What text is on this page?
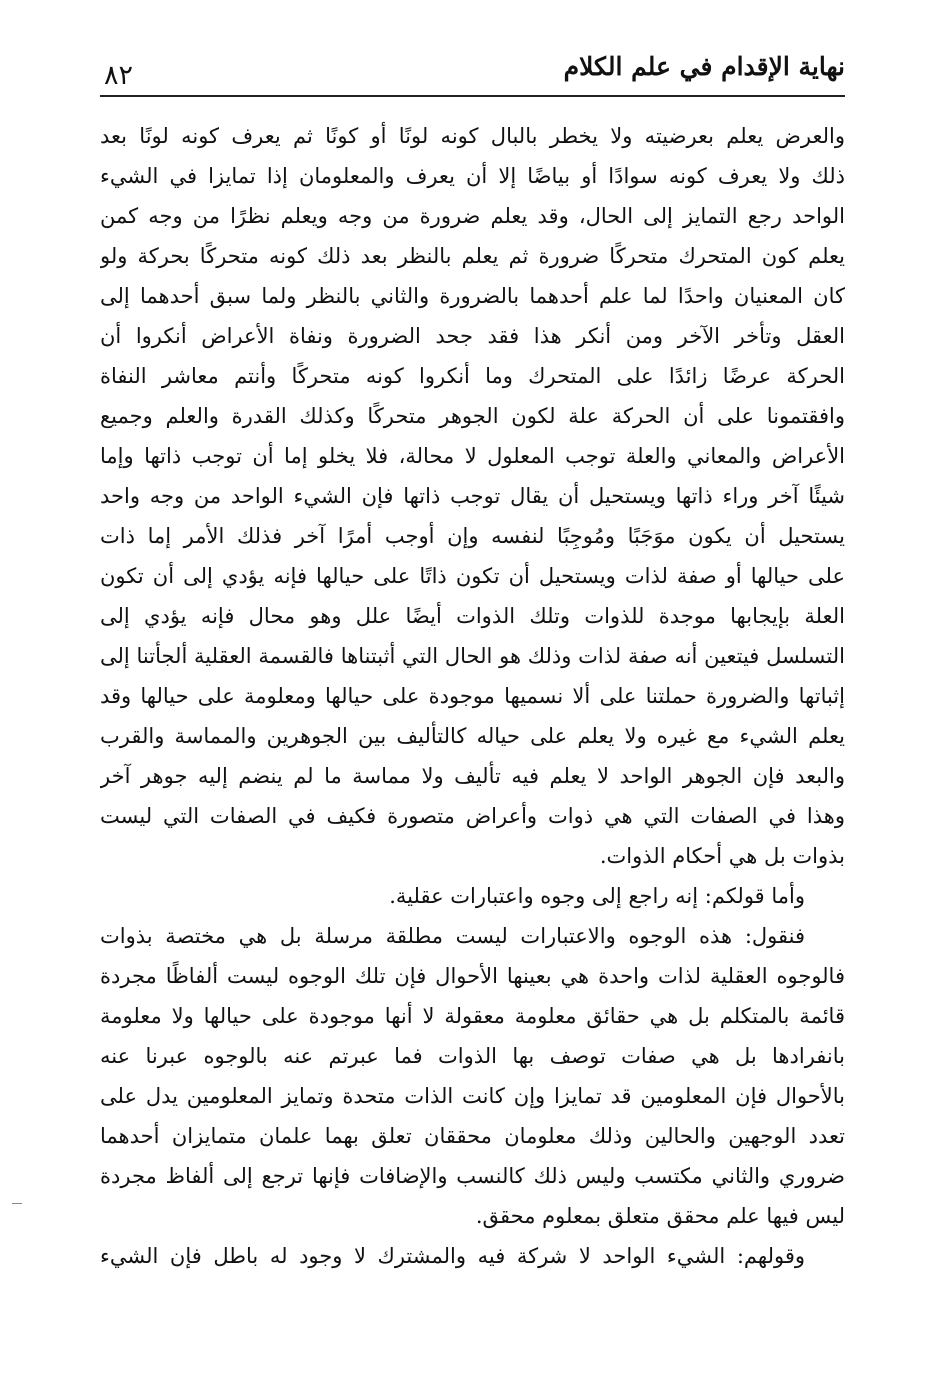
نهاية الإقدام في علم الكلام
٨٢
والعرض يعلم بعرضيته ولا يخطر بالبال كونه لونًا أو كونًا ثم يعرف كونه لونًا بعد
ذلك ولا يعرف كونه سوادًا أو بياضًا إلا أن يعرف والمعلومان إذا تمايزا في الشيء
الواحد رجع التمايز إلى الحال، وقد يعلم ضرورة من وجه ويعلم نظرًا من وجه كمن
يعلم كون المتحرك متحركًا ضرورة ثم يعلم بالنظر بعد ذلك كونه متحركًا بحركة ولو
كان المعنيان واحدًا لما علم أحدهما بالضرورة والثاني بالنظر ولما سبق أحدهما إلى
العقل وتأخر الآخر ومن أنكر هذا فقد جحد الضرورة ونفاة الأعراض أنكروا أن
الحركة عرضًا زائدًا على المتحرك وما أنكروا كونه متحركًا وأنتم معاشر النفاة
وافقتمونا على أن الحركة علة لكون الجوهر متحركًا وكذلك القدرة والعلم وجميع
الأعراض والمعاني والعلة توجب المعلول لا محالة، فلا يخلو إما أن توجب ذاتها وإما
شيئًا آخر وراء ذاتها ويستحيل أن يقال توجب ذاتها فإن الشيء الواحد من وجه واحد
يستحيل أن يكون موَجَبًا ومُوجِبًا لنفسه وإن أوجب أمرًا آخر فذلك الأمر إما ذات
على حيالها أو صفة لذات ويستحيل أن تكون ذاتًا على حيالها فإنه يؤدي إلى أن تكون
العلة بإيجابها موجدة للذوات وتلك الذوات أيضًا علل وهو محال فإنه يؤدي إلى
التسلسل فيتعين أنه صفة لذات وذلك هو الحال التي أثبتناها فالقسمة العقلية ألجأتنا إلى
إثباتها والضرورة حملتنا على ألا نسميها موجودة على حيالها ومعلومة على حيالها وقد
يعلم الشيء مع غيره ولا يعلم على حياله كالتأليف بين الجوهرين والمماسة والقرب
والبعد فإن الجوهر الواحد لا يعلم فيه تأليف ولا مماسة ما لم ينضم إليه جوهر آخر
وهذا في الصفات التي هي ذوات وأعراض متصورة فكيف في الصفات التي ليست
بذوات بل هي أحكام الذوات.
وأما قولكم: إنه راجع إلى وجوه واعتبارات عقلية.
فنقول: هذه الوجوه والاعتبارات ليست مطلقة مرسلة بل هي مختصة بذوات
فالوجوه العقلية لذات واحدة هي بعينها الأحوال فإن تلك الوجوه ليست ألفاظًا مجردة
قائمة بالمتكلم بل هي حقائق معلومة معقولة لا أنها موجودة على حيالها ولا معلومة
بانفرادها بل هي صفات توصف بها الذوات فما عبرتم عنه بالوجوه عبرنا عنه
بالأحوال فإن المعلومين قد تمايزا وإن كانت الذات متحدة وتمايز المعلومين يدل على
تعدد الوجهين والحالين وذلك معلومان محققان تعلق بهما علمان متمايزان أحدهما
ضروري والثاني مكتسب وليس ذلك كالنسب والإضافات فإنها ترجع إلى ألفاظ مجردة
ليس فيها علم محقق متعلق بمعلوم محقق.
وقولهم: الشيء الواحد لا شركة فيه والمشترك لا وجود له باطل فإن الشيء
